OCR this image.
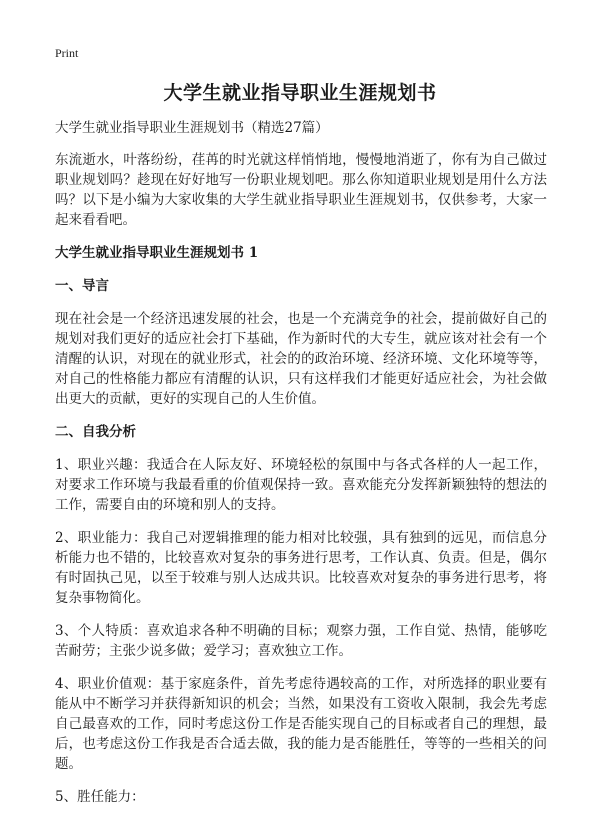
Print
大学生就业指导职业生涯规划书
大学生就业指导职业生涯规划书（精选27篇）

东流逝水，叶落纷纷，荏苒的时光就这样悄悄地，慢慢地消逝了，你有为自己做过职业规划吗？趁现在好好地写一份职业规划吧。那么你知道职业规划是用什么方法吗？以下是小编为大家收集的大学生就业指导职业生涯规划书，仅供参考，大家一起来看看吧。

大学生就业指导职业生涯规划书 1
一、导言

现在社会是一个经济迅速发展的社会，也是一个充满竞争的社会，提前做好自己的规划对我们更好的适应社会打下基础，作为新时代的大专生，就应该对社会有一个清醒的认识，对现在的就业形式，社会的的政治环境、经济环境、文化环境等等，对自己的性格能力都应有清醒的认识，只有这样我们才能更好适应社会，为社会做出更大的贡献，更好的实现自己的人生价值。

二、自我分析

1、职业兴趣：我适合在人际友好、环境轻松的氛围中与各式各样的人一起工作，对要求工作环境与我最看重的价值观保持一致。喜欢能充分发挥新颖独特的想法的工作，需要自由的环境和别人的支持。

2、职业能力：我自己对逻辑推理的能力相对比较强，具有独到的远见，而信息分析能力也不错的，比较喜欢对复杂的事务进行思考，工作认真、负责。但是，偶尔有时固执己见，以至于较难与别人达成共识。比较喜欢对复杂的事务进行思考，将复杂事物简化。

3、个人特质：喜欢追求各种不明确的目标；观察力强，工作自觉、热情，能够吃苦耐劳；主张少说多做；爱学习；喜欢独立工作。

4、职业价值观：基于家庭条件，首先考虑待遇较高的工作，对所选择的职业要有能从中不断学习并获得新知识的机会；当然，如果没有工资收入限制，我会先考虑自己最喜欢的工作，同时考虑这份工作是否能实现自己的目标或者自己的理想，最后，也考虑这份工作我是否合适去做，我的能力是否能胜任，等等的一些相关的问题。

5、胜任能力：
